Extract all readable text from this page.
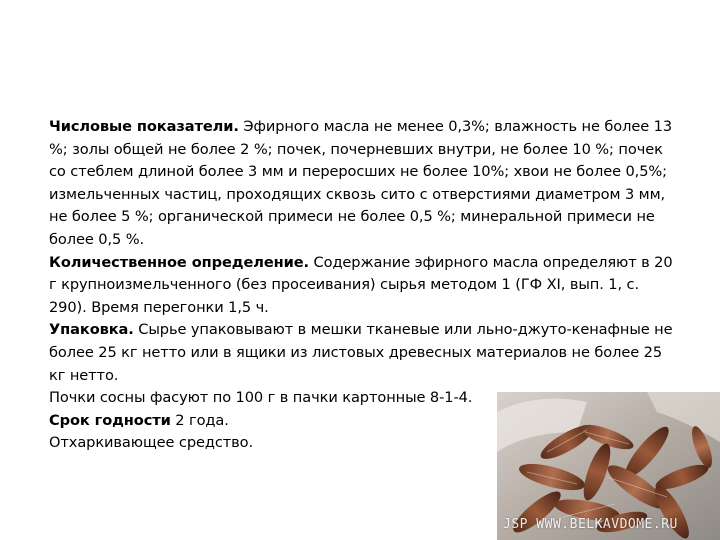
Числовые показатели. Эфирного масла не менее 0,3%; влажность не более 13 %; золы общей не более 2 %; почек, почерневших внутри, не более 10 %; почек со стеблем длиной более 3 мм и переросших не более 10%; хвои не более 0,5%; измельченных частиц, проходящих сквозь сито с отверстиями диаметром 3 мм, не более 5 %; органической примеси не более 0,5 %; минеральной примеси не более 0,5 %.

Количественное определение. Содержание эфирного масла определяют в 20 г крупноизмельченного (без просеивания) сырья методом 1 (ГФ XI, вып. 1, с. 290). Время перегонки 1,5 ч.

Упаковка. Сырье упаковывают в мешки тканевые или льно-джуто-кенафные не более 25 кг нетто или в ящики из листовых древесных материалов не более 25 кг нетто.

Почки сосны фасуют по 100 г в пачки картонные 8-1-4.

Срок годности 2 года.

Отхаркивающее средство.

JSP WWW.BELKAVDOME.RU
